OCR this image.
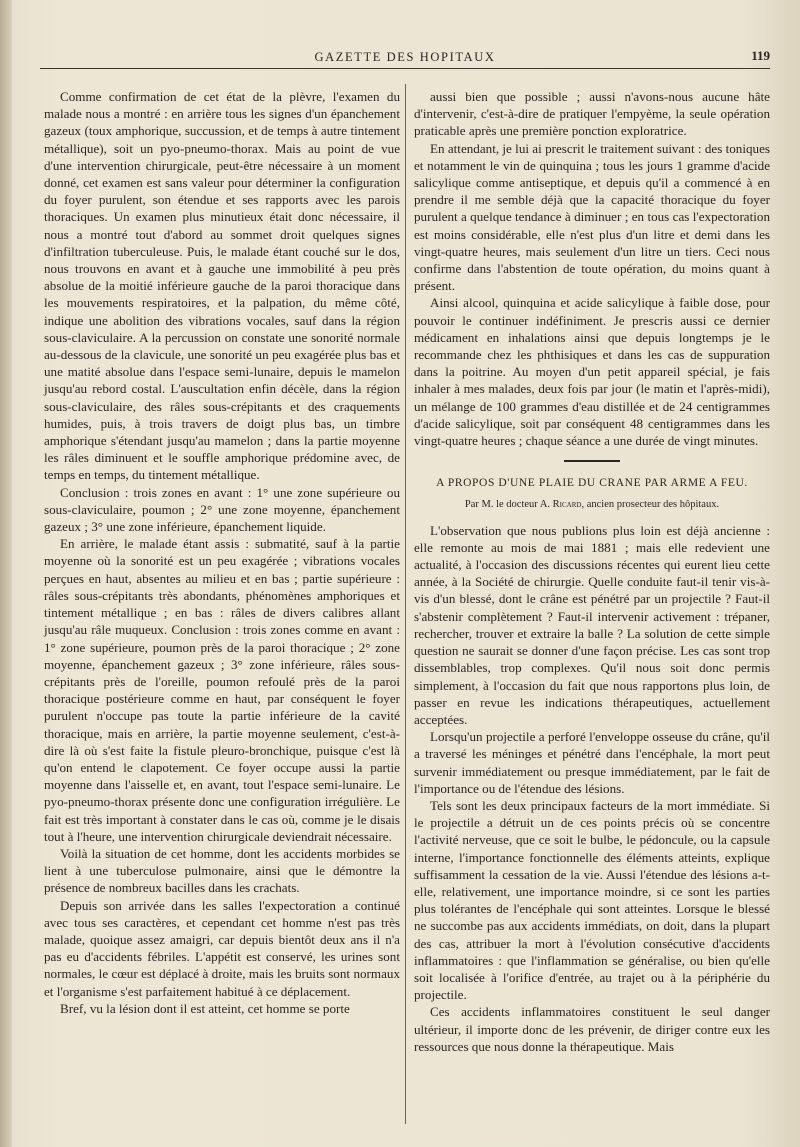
GAZETTE DES HOPITAUX	119

Comme confirmation de cet état de la plèvre, l'examen du malade nous a montré : en arrière tous les signes d'un épanchement gazeux (toux amphorique, succussion, et de temps à autre tintement métallique), soit un pyo-pneumo-thorax. Mais au point de vue d'une intervention chirurgicale, peut-être nécessaire à un moment donné, cet examen est sans valeur pour déterminer la configuration du foyer purulent, son étendue et ses rapports avec les parois thoraciques. Un examen plus minutieux était donc nécessaire, il nous a montré tout d'abord au sommet droit quelques signes d'infiltration tuberculeuse. Puis, le malade étant couché sur le dos, nous trouvons en avant et à gauche une immobilité à peu près absolue de la moitié inférieure gauche de la paroi thoracique dans les mouvements respiratoires, et la palpation, du même côté, indique une abolition des vibrations vocales, sauf dans la région sous-claviculaire. A la percussion on constate une sonorité normale au-dessous de la clavicule, une sonorité un peu exagérée plus bas et une matité absolue dans l'espace semi-lunaire, depuis le mamelon jusqu'au rebord costal. L'auscultation enfin décèle, dans la région sous-claviculaire, des râles sous-crépitants et des craquements humides, puis, à trois travers de doigt plus bas, un timbre amphorique s'étendant jusqu'au mamelon ; dans la partie moyenne les râles diminuent et le souffle amphorique prédomine avec, de temps en temps, du tintement métallique.

Conclusion : trois zones en avant : 1° une zone supérieure ou sous-claviculaire, poumon ; 2° une zone moyenne, épanchement gazeux ; 3° une zone inférieure, épanchement liquide.

En arrière, le malade étant assis : submatité, sauf à la partie moyenne où la sonorité est un peu exagérée ; vibrations vocales perçues en haut, absentes au milieu et en bas ; partie supérieure : râles sous-crépitants très abondants, phénomènes amphoriques et tintement métallique ; en bas : râles de divers calibres allant jusqu'au râle muqueux. Conclusion : trois zones comme en avant : 1° zone supérieure, poumon près de la paroi thoracique ; 2° zone moyenne, épanchement gazeux ; 3° zone inférieure, râles sous-crépitants près de l'oreille, poumon refoulé près de la paroi thoracique postérieure comme en haut, par conséquent le foyer purulent n'occupe pas toute la partie inférieure de la cavité thoracique, mais en arrière, la partie moyenne seulement, c'est-à-dire là où s'est faite la fistule pleuro-bronchique, puisque c'est là qu'on entend le clapotement. Ce foyer occupe aussi la partie moyenne dans l'aisselle et, en avant, tout l'espace semi-lunaire. Le pyo-pneumo-thorax présente donc une configuration irrégulière. Le fait est très important à constater dans le cas où, comme je le disais tout à l'heure, une intervention chirurgicale deviendrait nécessaire.

Voilà la situation de cet homme, dont les accidents morbides se lient à une tuberculose pulmonaire, ainsi que le démontre la présence de nombreux bacilles dans les crachats.

Depuis son arrivée dans les salles l'expectoration a continué avec tous ses caractères, et cependant cet homme n'est pas très malade, quoique assez amaigri, car depuis bientôt deux ans il n'a pas eu d'accidents fébriles. L'appétit est conservé, les urines sont normales, le cœur est déplacé à droite, mais les bruits sont normaux et l'organisme s'est parfaitement habitué à ce déplacement.

Bref, vu la lésion dont il est atteint, cet homme se porte

aussi bien que possible ; aussi n'avons-nous aucune hâte d'intervenir, c'est-à-dire de pratiquer l'empyème, la seule opération praticable après une première ponction exploratrice.

En attendant, je lui ai prescrit le traitement suivant : des toniques et notamment le vin de quinquina ; tous les jours 1 gramme d'acide salicylique comme antiseptique, et depuis qu'il a commencé à en prendre il me semble déjà que la capacité thoracique du foyer purulent a quelque tendance à diminuer ; en tous cas l'expectoration est moins considérable, elle n'est plus d'un litre et demi dans les vingt-quatre heures, mais seulement d'un litre un tiers. Ceci nous confirme dans l'abstention de toute opération, du moins quant à présent.

Ainsi alcool, quinquina et acide salicylique à faible dose, pour pouvoir le continuer indéfiniment. Je prescris aussi ce dernier médicament en inhalations ainsi que depuis longtemps je le recommande chez les phthisiques et dans les cas de suppuration dans la poitrine. Au moyen d'un petit appareil spécial, je fais inhaler à mes malades, deux fois par jour (le matin et l'après-midi), un mélange de 100 grammes d'eau distillée et de 24 centigrammes d'acide salicylique, soit par conséquent 48 centigrammes dans les vingt-quatre heures ; chaque séance a une durée de vingt minutes.

A PROPOS D'UNE PLAIE DU CRANE PAR ARME A FEU.
Par M. le docteur A. Ricard, ancien prosecteur des hôpitaux.

L'observation que nous publions plus loin est déjà ancienne : elle remonte au mois de mai 1881 ; mais elle redevient une actualité, à l'occasion des discussions récentes qui eurent lieu cette année, à la Société de chirurgie. Quelle conduite faut-il tenir vis-à-vis d'un blessé, dont le crâne est pénétré par un projectile ? Faut-il s'abstenir complètement ? Faut-il intervenir activement : trépaner, rechercher, trouver et extraire la balle ? La solution de cette simple question ne saurait se donner d'une façon précise. Les cas sont trop dissemblables, trop complexes. Qu'il nous soit donc permis simplement, à l'occasion du fait que nous rapportons plus loin, de passer en revue les indications thérapeutiques, actuellement acceptées.

Lorsqu'un projectile a perforé l'enveloppe osseuse du crâne, qu'il a traversé les méninges et pénétré dans l'encéphale, la mort peut survenir immédiatement ou presque immédiatement, par le fait de l'importance ou de l'étendue des lésions.

Tels sont les deux principaux facteurs de la mort immédiate. Si le projectile a détruit un de ces points précis où se concentre l'activité nerveuse, que ce soit le bulbe, le pédoncule, ou la capsule interne, l'importance fonctionnelle des éléments atteints, explique suffisamment la cessation de la vie. Aussi l'étendue des lésions a-t-elle, relativement, une importance moindre, si ce sont les parties plus tolérantes de l'encéphale qui sont atteintes. Lorsque le blessé ne succombe pas aux accidents immédiats, on doit, dans la plupart des cas, attribuer la mort à l'évolution consécutive d'accidents inflammatoires : que l'inflammation se généralise, ou bien qu'elle soit localisée à l'orifice d'entrée, au trajet ou à la périphérie du projectile.

Ces accidents inflammatoires constituent le seul danger ultérieur, il importe donc de les prévenir, de diriger contre eux les ressources que nous donne la thérapeutique. Mais
